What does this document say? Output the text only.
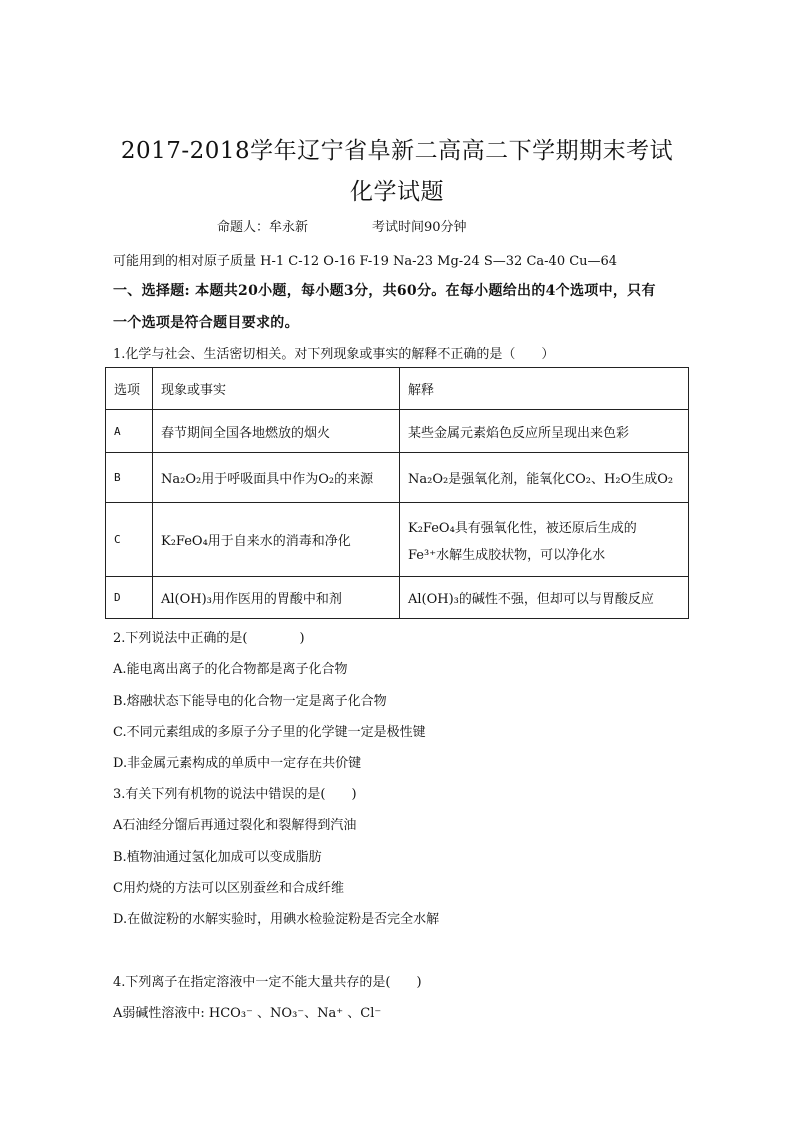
2017-2018学年辽宁省阜新二高高二下学期期末考试
化学试题
命题人：牟永新	考试时间90分钟
可能用到的相对原子质量 H-1 C-12 O-16 F-19 Na-23 Mg-24 S—32 Ca-40 Cu—64
一、选择题: 本题共20小题，每小题3分，共60分。在每小题给出的4个选项中，只有
一个选项是符合题目要求的。
1.化学与社会、生活密切相关。对下列现象或事实的解释不正确的是（　　）
选项	现象或事实	解释
A	春节期间全国各地燃放的烟火	某些金属元素焰色反应所呈现出来色彩
B	Na₂O₂用于呼吸面具中作为O₂的来源	Na₂O₂是强氧化剂，能氧化CO₂、H₂O生成O₂
C	K₂FeO₄用于自来水的消毒和净化	K₂FeO₄具有强氧化性，被还原后生成的
Fe³⁺水解生成胶状物，可以净化水

D	Al(OH)₃用作医用的胃酸中和剂	Al(OH)₃的碱性不强，但却可以与胃酸反应
2.下列说法中正确的是(　　　　)
A.能电离出离子的化合物都是离子化合物
B.熔融状态下能导电的化合物一定是离子化合物
C.不同元素组成的多原子分子里的化学键一定是极性键
D.非金属元素构成的单质中一定存在共价键
3.有关下列有机物的说法中错误的是(　　)
A石油经分馏后再通过裂化和裂解得到汽油
B.植物油通过氢化加成可以变成脂肪
C用灼烧的方法可以区别蚕丝和合成纤维
D.在做淀粉的水解实验时，用碘水检验淀粉是否完全水解
4.下列离子在指定溶液中一定不能大量共存的是(　　)
A弱碱性溶液中: HCO₃⁻ 、NO₃⁻、Na⁺ 、Cl⁻
